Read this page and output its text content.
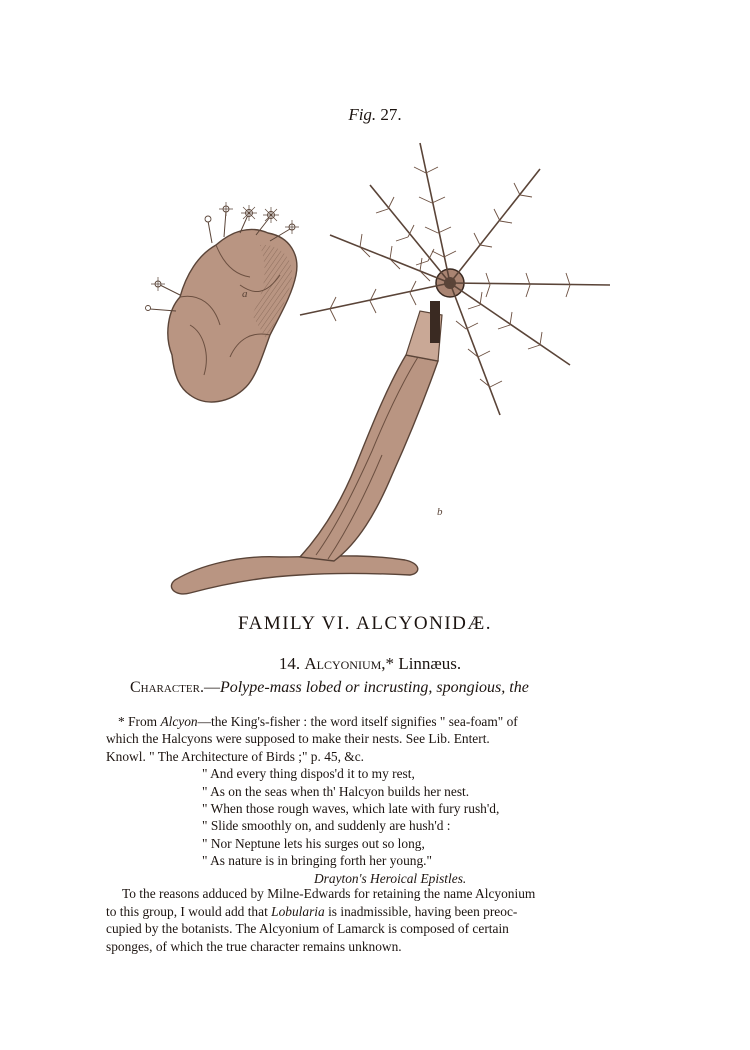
Fig. 27.
a
b
FAMILY VI. ALCYONIDÆ.
14. Alcyonium,* Linnæus.
Character.—Polype-mass lobed or incrusting, spongious, the
* From Alcyon—the King's-fisher : the word itself signifies " sea-foam" of
which the Halcyons were supposed to make their nests. See Lib. Entert.
Knowl. " The Architecture of Birds ;" p. 45, &c.
" And every thing dispos'd it to my rest,
" As on the seas when th' Halcyon builds her nest.
" When those rough waves, which late with fury rush'd,
" Slide smoothly on, and suddenly are hush'd :
" Nor Neptune lets his surges out so long,
" As nature is in bringing forth her young."
Drayton's Heroical Epistles.
To the reasons adduced by Milne-Edwards for retaining the name Alcyonium
to this group, I would add that Lobularia is inadmissible, having been preoc-
cupied by the botanists. The Alcyonium of Lamarck is composed of certain
sponges, of which the true character remains unknown.
